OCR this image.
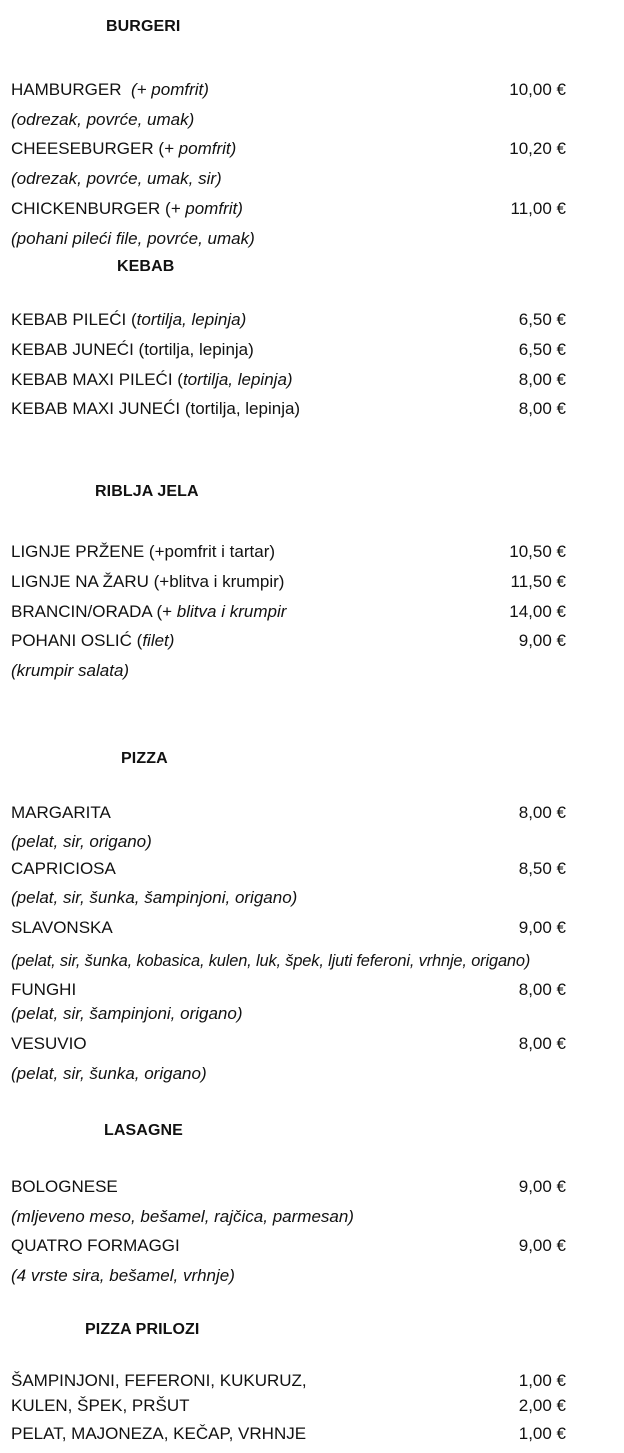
BURGERI
HAMBURGER (+ pomfrit)	10,00 €
(odrezak, povrće, umak)
CHEESEBURGER (+ pomfrit)	10,20 €
(odrezak, povrće, umak, sir)
CHICKENBURGER (+ pomfrit)	11,00 €
(pohani pileći file, povrće, umak)
KEBAB
KEBAB PILEĆI (tortilja, lepinja)	6,50 €
KEBAB JUNEĆI (tortilja, lepinja)	6,50 €
KEBAB MAXI PILEĆI (tortilja, lepinja)	8,00 €
KEBAB MAXI JUNEĆI (tortilja, lepinja)	8,00 €
RIBLJA JELA
LIGNJE PRŽENE (+pomfrit i tartar)	10,50 €
LIGNJE NA ŽARU (+blitva i krumpir)	11,50 €
BRANCIN/ORADA (+ blitva i krumpir	14,00 €
POHANI OSLIĆ (filet)	9,00 €
(krumpir salata)
PIZZA
MARGARITA	8,00 €
(pelat, sir, origano)
CAPRICIOSA	8,50 €
(pelat, sir, šunka, šampinjoni, origano)
SLAVONSKA	9,00 €
(pelat, sir, šunka, kobasica, kulen, luk, špek, ljuti feferoni, vrhnje, origano)
FUNGHI	8,00 €
(pelat, sir, šampinjoni, origano)
VESUVIO	8,00 €
(pelat, sir, šunka, origano)
LASAGNE
BOLOGNESE	9,00 €
(mljeveno meso, bešamel, rajčica, parmesan)
QUATRO FORMAGGI	9,00 €
(4 vrste sira, bešamel, vrhnje)
PIZZA PRILOZI
ŠAMPINJONI, FEFERONI, KUKURUZ,	1,00 €
KULEN, ŠPEK, PRŠUT	2,00 €
PELAT, MAJONEZA, KEČAP, VRHNJE	1,00 €
